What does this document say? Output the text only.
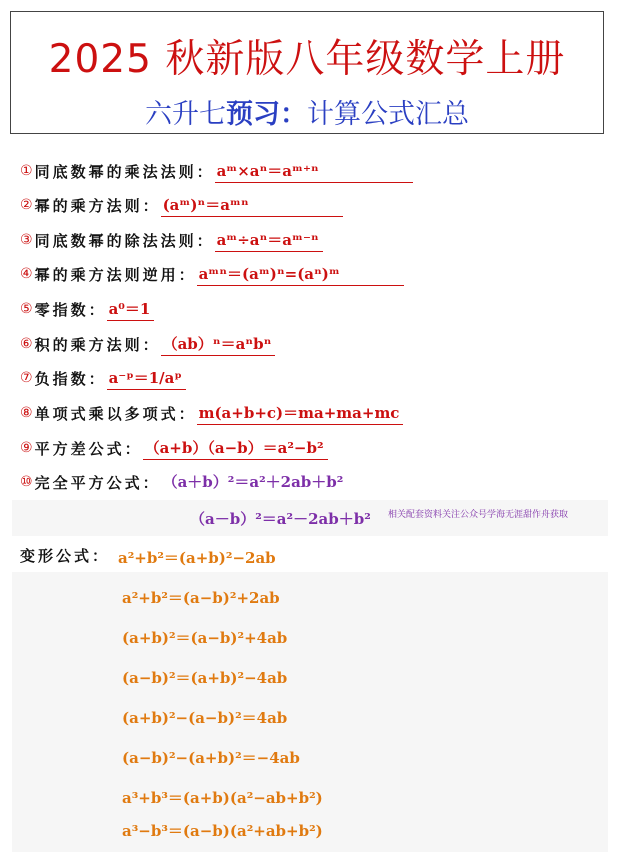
2025 秋新版八年级数学上册
六升七预习：计算公式汇总
① 同底数幂的乘法法则： aᵐ×aⁿ＝aᵐ⁺ⁿ　　　　　　
② 幂的乘方法则： (aᵐ)ⁿ＝aᵐⁿ　　　　　　
③ 同底数幂的除法法则： aᵐ÷aⁿ＝aᵐ⁻ⁿ
④ 幂的乘方法则逆用： aᵐⁿ＝(aᵐ)ⁿ=(aⁿ)ᵐ　　　　
⑤ 零指数： a⁰＝1
⑥ 积的乘方法则： （ab）ⁿ＝aⁿbⁿ
⑦ 负指数： a⁻ᵖ＝1/aᵖ
⑧ 单项式乘以多项式： m(a+b+c)＝ma+ma+mc
⑨ 平方差公式： （a+b）（a−b）＝a²−b²
⑩ 完全平方公式： （a＋b）²＝a²＋2ab＋b²
（a－b）²＝a²－2ab＋b² 相关配套资料关注公众号学海无涯甜作舟获取
变形公式： a²+b²＝(a+b)²−2ab
a²+b²＝(a−b)²+2ab
(a+b)²＝(a−b)²+4ab
(a−b)²＝(a+b)²−4ab
(a+b)²−(a−b)²＝4ab
(a−b)²−(a+b)²＝−4ab
a³+b³＝(a+b)(a²−ab+b²)
a³−b³＝(a−b)(a²+ab+b²)
